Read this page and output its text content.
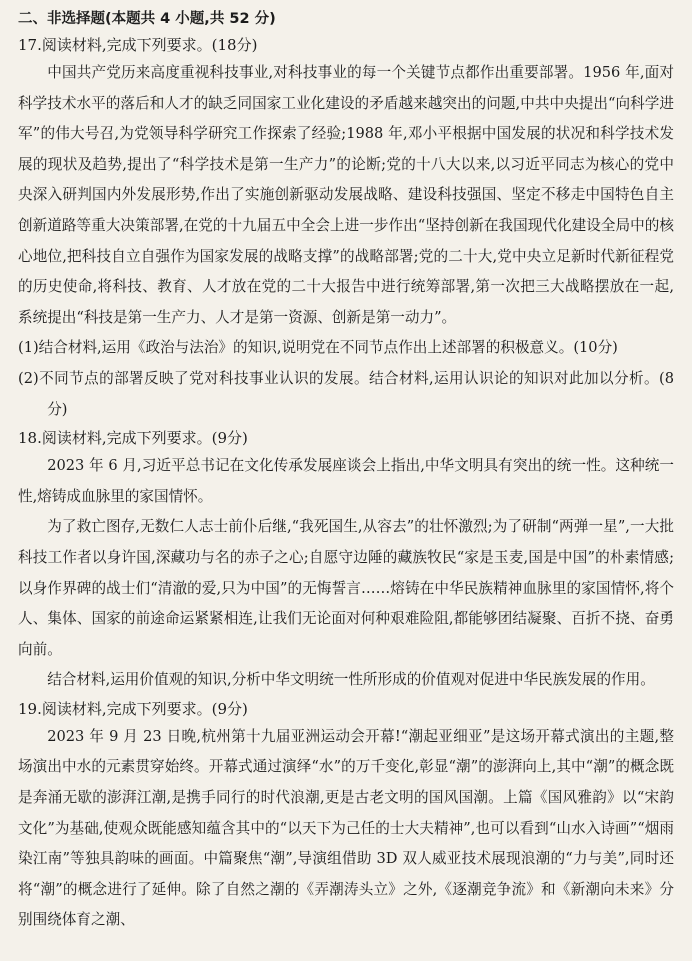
二、非选择题(本题共 4 小题,共 52 分)

17.阅读材料,完成下列要求。(18分)

中国共产党历来高度重视科技事业,对科技事业的每一个关键节点都作出重要部署。1956 年,面对科学技术水平的落后和人才的缺乏同国家工业化建设的矛盾越来越突出的问题,中共中央提出“向科学进军”的伟大号召,为党领导科学研究工作探索了经验;1988 年,邓小平根据中国发展的状况和科学技术发展的现状及趋势,提出了“科学技术是第一生产力”的论断;党的十八大以来,以习近平同志为核心的党中央深入研判国内外发展形势,作出了实施创新驱动发展战略、建设科技强国、坚定不移走中国特色自主创新道路等重大决策部署,在党的十九届五中全会上进一步作出“坚持创新在我国现代化建设全局中的核心地位,把科技自立自强作为国家发展的战略支撑”的战略部署;党的二十大,党中央立足新时代新征程党的历史使命,将科技、教育、人才放在党的二十大报告中进行统筹部署,第一次把三大战略摆放在一起,系统提出“科技是第一生产力、人才是第一资源、创新是第一动力”。

(1)结合材料,运用《政治与法治》的知识,说明党在不同节点作出上述部署的积极意义。(10分)

(2)不同节点的部署反映了党对科技事业认识的发展。结合材料,运用认识论的知识对此加以分析。(8分)

18.阅读材料,完成下列要求。(9分)

2023 年 6 月,习近平总书记在文化传承发展座谈会上指出,中华文明具有突出的统一性。这种统一性,熔铸成血脉里的家国情怀。

为了救亡图存,无数仁人志士前仆后继,“我死国生,从容去”的壮怀激烈;为了研制“两弹一星”,一大批科技工作者以身许国,深藏功与名的赤子之心;自愿守边陲的藏族牧民“家是玉麦,国是中国”的朴素情感;以身作界碑的战士们“清澈的爱,只为中国”的无悔誓言……熔铸在中华民族精神血脉里的家国情怀,将个人、集体、国家的前途命运紧紧相连,让我们无论面对何种艰难险阻,都能够团结凝聚、百折不挠、奋勇向前。

结合材料,运用价值观的知识,分析中华文明统一性所形成的价值观对促进中华民族发展的作用。

19.阅读材料,完成下列要求。(9分)

2023 年 9 月 23 日晚,杭州第十九届亚洲运动会开幕!“潮起亚细亚”是这场开幕式演出的主题,整场演出中水的元素贯穿始终。开幕式通过演绎“水”的万千变化,彰显“潮”的澎湃向上,其中“潮”的概念既是奔涌无歇的澎湃江潮,是携手同行的时代浪潮,更是古老文明的国风国潮。上篇《国风雅韵》以“宋韵文化”为基础,使观众既能感知蕴含其中的“以天下为己任的士大夫精神”,也可以看到“山水入诗画”“烟雨染江南”等独具韵味的画面。中篇聚焦“潮”,导演组借助 3D 双人威亚技术展现浪潮的“力与美”,同时还将“潮”的概念进行了延伸。除了自然之潮的《弄潮涛头立》之外,《逐潮竞争流》和《新潮向未来》分别围绕体育之潮、
